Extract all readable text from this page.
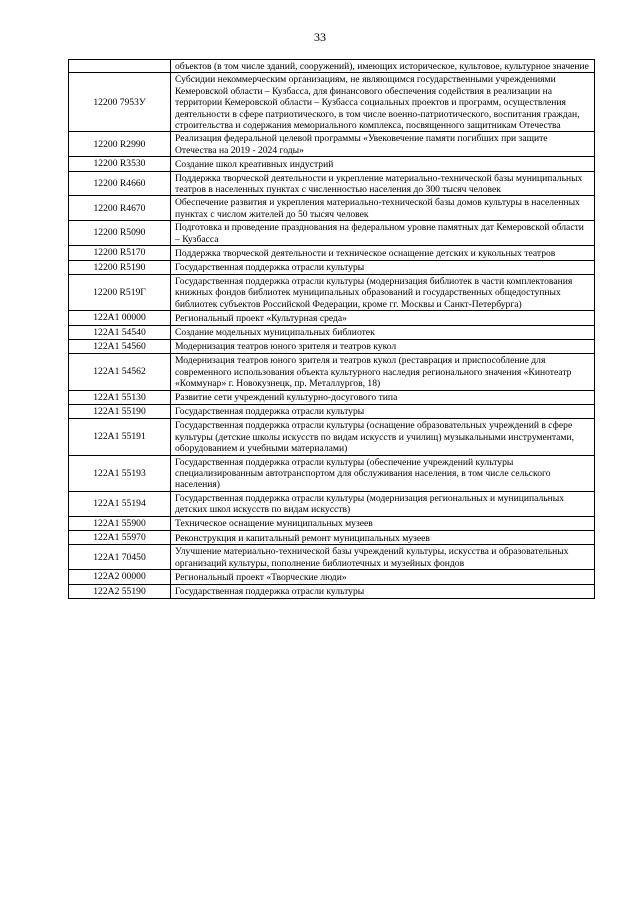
33
	объектов (в том числе зданий, сооружений), имеющих историческое, культовое, культурное значение
12200 7953У	Субсидии некоммерческим организациям, не являющимся государственными учреждениями Кемеровской области – Кузбасса, для финансового обеспечения содействия в реализации на территории Кемеровской области – Кузбасса социальных проектов и программ, осуществления деятельности в сфере патриотического, в том числе военно-патриотического, воспитания граждан, строительства и содержания мемориального комплекса, посвященного защитникам Отечества
12200 R2990	Реализация федеральной целевой программы «Увековечение памяти погибших при защите Отечества на 2019 - 2024 годы»
12200 R3530	Создание школ креативных индустрий
12200 R4660	Поддержка творческой деятельности и укрепление материально-технической базы муниципальных театров в населенных пунктах с численностью населения до 300 тысяч человек
12200 R4670	Обеспечение развития и укрепления материально-технической базы домов культуры в населенных пунктах с числом жителей до 50 тысяч человек
12200 R5090	Подготовка и проведение празднования на федеральном уровне памятных дат Кемеровской области – Кузбасса
12200 R5170	Поддержка творческой деятельности и техническое оснащение детских и кукольных театров
12200 R5190	Государственная поддержка отрасли культуры
12200 R519Г	Государственная поддержка отрасли культуры (модернизация библиотек в части комплектования книжных фондов библиотек муниципальных образований и государственных общедоступных библиотек субъектов Российской Федерации, кроме гг. Москвы и Санкт-Петербурга)
122А1 00000	Региональный проект «Культурная среда»
122А1 54540	Создание модельных муниципальных библиотек
122А1 54560	Модернизация театров юного зрителя и театров кукол
122А1 54562	Модернизация театров юного зрителя и театров кукол (реставрация и приспособление для современного использования объекта культурного наследия регионального значения «Кинотеатр «Коммунар» г. Новокузнецк, пр. Металлургов, 18)
122А1 55130	Развитие сети учреждений культурно-досугового типа
122А1 55190	Государственная поддержка отрасли культуры
122А1 55191	Государственная поддержка отрасли культуры (оснащение образовательных учреждений в сфере культуры (детские школы искусств по видам искусств и училищ) музыкальными инструментами, оборудованием и учебными материалами)
122А1 55193	Государственная поддержка отрасли культуры (обеспечение учреждений культуры специализированным автотранспортом для обслуживания населения, в том числе сельского населения)
122А1 55194	Государственная поддержка отрасли культуры (модернизация региональных и муниципальных детских школ искусств по видам искусств)
122А1 55900	Техническое оснащение муниципальных музеев
122А1 55970	Реконструкция и капитальный ремонт муниципальных музеев
122А1 70450	Улучшение материально-технической базы учреждений культуры, искусства и образовательных организаций культуры, пополнение библиотечных и музейных фондов
122А2 00000	Региональный проект «Творческие люди»
122А2 55190	Государственная поддержка отрасли культуры
